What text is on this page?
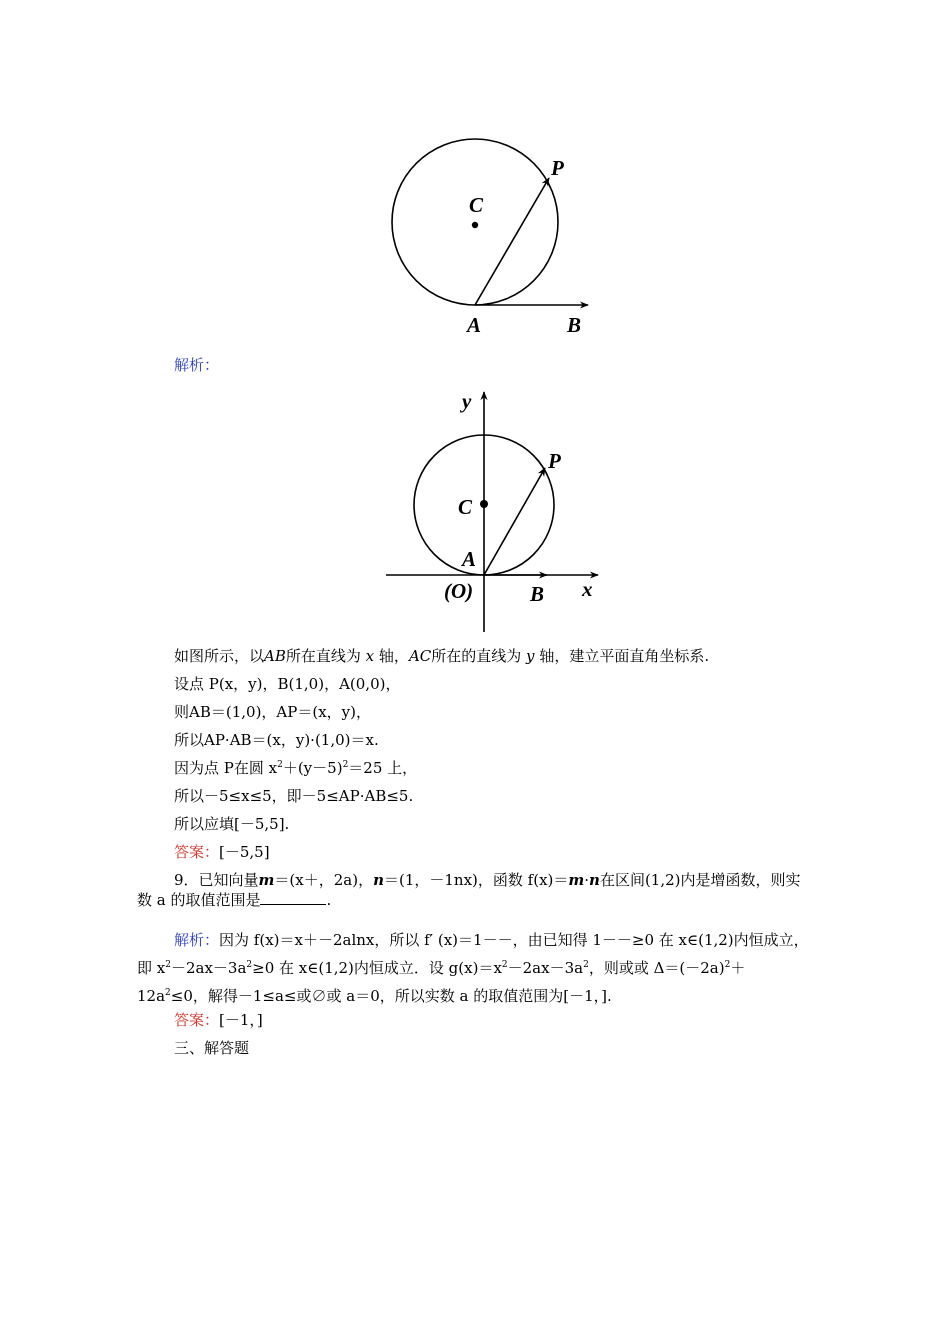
C
P
A	B
解析：
y
P
C
A
(O)	B x
如图所示，以AB所在直线为 x 轴，AC所在的直线为 y 轴，建立平面直角坐标系.
设点 P(x，y)，B(1,0)，A(0,0)，
则AB＝(1,0)，AP＝(x，y)，
所以AP·AB＝(x，y)·(1,0)＝x.
因为点 P在圆 $x^2+(y-5)^2=25$ 上，
所以－5≤x≤5，即－5≤AP·AB≤5.
所以应填[－5,5].
答案：[－5,5]
9．已知向量m＝(x＋，2a)，n＝(1，－1nx)，函数 f(x)＝m·n在区间(1,2)内是增函数，则实数 a 的取值范围是	.
解析：因为 f(x)＝x＋－2alnx，所以 f′ (x)＝1－－，由已知得 1－－≥0 在 x∈(1,2)内恒成立，即 $x^2-2ax-3a^2\ge 0$ 在 x∈(1,2)内恒成立．设 $g(x)=x^2-2ax-3a^2$，则或或 $\Delta=(-2a)^2+12a^2\le 0$，解得－1≤a≤或∅或 a＝0，所以实数 a 的取值范围为[－1，].
答案：[－1，]
三、解答题
